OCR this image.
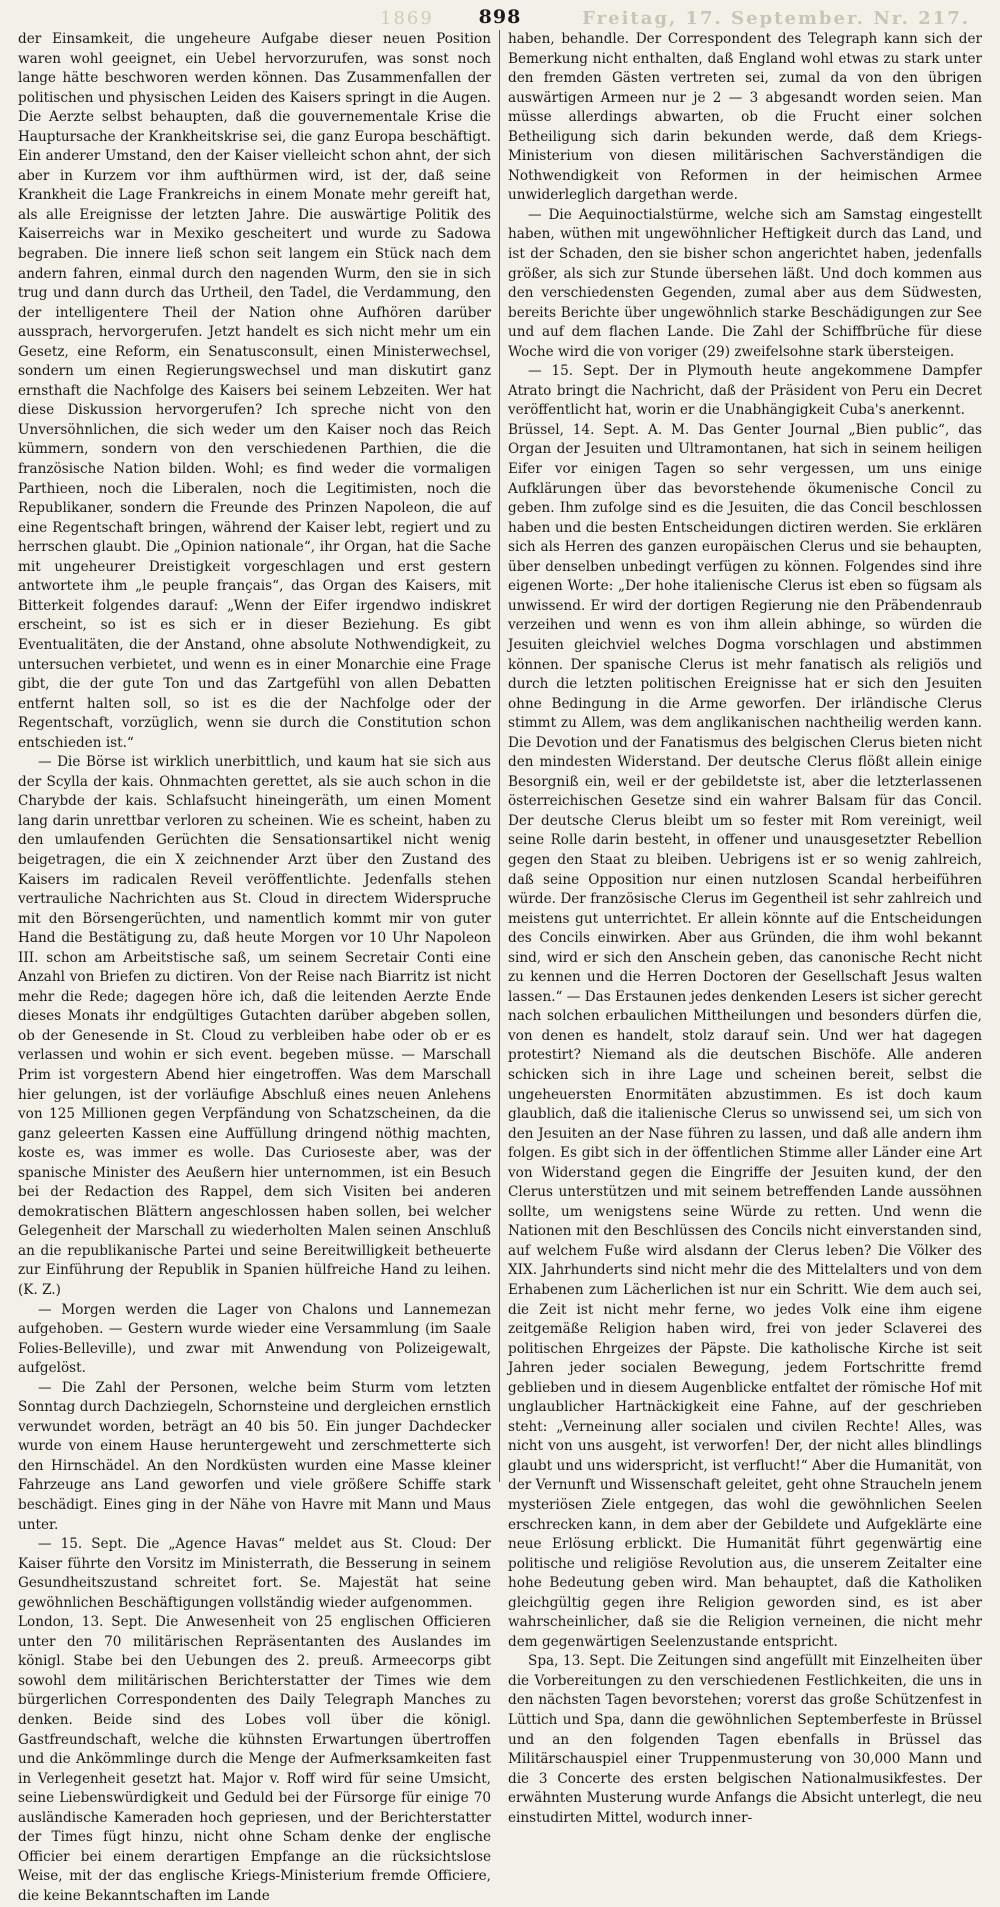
1869 898	Freitag, 17. September. Nr. 217.

der Einsamkeit, die ungeheure Aufgabe dieser neuen Position waren wohl geeignet, ein Uebel hervorzurufen, was sonst noch lange hätte beschworen werden können. Das Zusammenfallen der politischen und physischen Leiden des Kaisers springt in die Augen. Die Aerzte selbst behaupten, daß die gouvernementale Krise die Hauptursache der Krankheitskrise sei, die ganz Europa beschäftigt. Ein anderer Umstand, den der Kaiser vielleicht schon ahnt, der sich aber in Kurzem vor ihm aufthürmen wird, ist der, daß seine Krankheit die Lage Frankreichs in einem Monate mehr gereift hat, als alle Ereignisse der letzten Jahre. Die auswärtige Politik des Kaiserreichs war in Mexiko gescheitert und wurde zu Sadowa begraben. Die innere ließ schon seit langem ein Stück nach dem andern fahren, einmal durch den nagenden Wurm, den sie in sich trug und dann durch das Urtheil, den Tadel, die Verdammung, den der intelligentere Theil der Nation ohne Aufhören darüber aussprach, hervorgerufen. Jetzt handelt es sich nicht mehr um ein Gesetz, eine Reform, ein Senatusconsult, einen Ministerwechsel, sondern um einen Regierungswechsel und man diskutirt ganz ernsthaft die Nachfolge des Kaisers bei seinem Lebzeiten. Wer hat diese Diskussion hervorgerufen? Ich spreche nicht von den Unversöhnlichen, die sich weder um den Kaiser noch das Reich kümmern, sondern von den verschiedenen Parthien, die die französische Nation bilden. Wohl; es find weder die vormaligen Parthieen, noch die Liberalen, noch die Legitimisten, noch die Republikaner, sondern die Freunde des Prinzen Napoleon, die auf eine Regentschaft bringen, während der Kaiser lebt, regiert und zu herrschen glaubt. Die „Opinion nationale“, ihr Organ, hat die Sache mit ungeheurer Dreistigkeit vorgeschlagen und erst gestern antwortete ihm „le peuple français“, das Organ des Kaisers, mit Bitterkeit folgendes darauf: „Wenn der Eifer irgendwo indiskret erscheint, so ist es sich er in dieser Beziehung. Es gibt Eventualitäten, die der Anstand, ohne absolute Nothwendigkeit, zu untersuchen verbietet, und wenn es in einer Monarchie eine Frage gibt, die der gute Ton und das Zartgefühl von allen Debatten entfernt halten soll, so ist es die der Nachfolge oder der Regentschaft, vorzüglich, wenn sie durch die Constitution schon entschieden ist.“

— Die Börse ist wirklich unerbittlich, und kaum hat sie sich aus der Scylla der kais. Ohnmachten gerettet, als sie auch schon in die Charybde der kais. Schlafsucht hineingeräth, um einen Moment lang darin unrettbar verloren zu scheinen. Wie es scheint, haben zu den umlaufenden Gerüchten die Sensationsartikel nicht wenig beigetragen, die ein X zeichnender Arzt über den Zustand des Kaisers im radicalen Reveil veröffentlichte. Jedenfalls stehen vertrauliche Nachrichten aus St. Cloud in directem Widerspruche mit den Börsengerüchten, und namentlich kommt mir von guter Hand die Bestätigung zu, daß heute Morgen vor 10 Uhr Napoleon III. schon am Arbeitstische saß, um seinem Secretair Conti eine Anzahl von Briefen zu dictiren. Von der Reise nach Biarritz ist nicht mehr die Rede; dagegen höre ich, daß die leitenden Aerzte Ende dieses Monats ihr endgültiges Gutachten darüber abgeben sollen, ob der Genesende in St. Cloud zu verbleiben habe oder ob er es verlassen und wohin er sich event. begeben müsse. — Marschall Prim ist vorgestern Abend hier eingetroffen. Was dem Marschall hier gelungen, ist der vorläufige Abschluß eines neuen Anlehens von 125 Millionen gegen Verpfändung von Schatzscheinen, da die ganz geleerten Kassen eine Auffüllung dringend nöthig machten, koste es, was immer es wolle. Das Curioseste aber, was der spanische Minister des Aeußern hier unternommen, ist ein Besuch bei der Redaction des Rappel, dem sich Visiten bei anderen demokratischen Blättern angeschlossen haben sollen, bei welcher Gelegenheit der Marschall zu wiederholten Malen seinen Anschluß an die republikanische Partei und seine Bereitwilligkeit betheuerte zur Einführung der Republik in Spanien hülfreiche Hand zu leihen. (K. Z.)

— Morgen werden die Lager von Chalons und Lannemezan aufgehoben. — Gestern wurde wieder eine Versammlung (im Saale Folies-Belleville), und zwar mit Anwendung von Polizeigewalt, aufgelöst.

— Die Zahl der Personen, welche beim Sturm vom letzten Sonntag durch Dachziegeln, Schornsteine und dergleichen ernstlich verwundet worden, beträgt an 40 bis 50. Ein junger Dachdecker wurde von einem Hause heruntergeweht und zerschmetterte sich den Hirnschädel. An den Nordküsten wurden eine Masse kleiner Fahrzeuge ans Land geworfen und viele größere Schiffe stark beschädigt. Eines ging in der Nähe von Havre mit Mann und Maus unter.

— 15. Sept. Die „Agence Havas“ meldet aus St. Cloud: Der Kaiser führte den Vorsitz im Ministerrath, die Besserung in seinem Gesundheitszustand schreitet fort. Se. Majestät hat seine gewöhnlichen Beschäftigungen vollständig wieder aufgenommen.

London, 13. Sept. Die Anwesenheit von 25 englischen Officieren unter den 70 militärischen Repräsentanten des Auslandes im königl. Stabe bei den Uebungen des 2. preuß. Armeecorps gibt sowohl dem militärischen Berichterstatter der Times wie dem bürgerlichen Correspondenten des Daily Telegraph Manches zu denken. Beide sind des Lobes voll über die königl. Gastfreundschaft, welche die kühnsten Erwartungen übertroffen und die Ankömmlinge durch die Menge der Aufmerksamkeiten fast in Verlegenheit gesetzt hat. Major v. Roff wird für seine Umsicht, seine Liebenswürdigkeit und Geduld bei der Fürsorge für einige 70 ausländische Kameraden hoch gepriesen, und der Berichterstatter der Times fügt hinzu, nicht ohne Scham denke der englische Officier bei einem derartigen Empfange an die rücksichtslose Weise, mit der das englische Kriegs-Ministerium fremde Officiere, die keine Bekanntschaften im Lande

haben, behandle. Der Correspondent des Telegraph kann sich der Bemerkung nicht enthalten, daß England wohl etwas zu stark unter den fremden Gästen vertreten sei, zumal da von den übrigen auswärtigen Armeen nur je 2 — 3 abgesandt worden seien. Man müsse allerdings abwarten, ob die Frucht einer solchen Betheiligung sich darin bekunden werde, daß dem Kriegs-Ministerium von diesen militärischen Sachverständigen die Nothwendigkeit von Reformen in der heimischen Armee unwiderleglich dargethan werde.

— Die Aequinoctialstürme, welche sich am Samstag eingestellt haben, wüthen mit ungewöhnlicher Heftigkeit durch das Land, und ist der Schaden, den sie bisher schon angerichtet haben, jedenfalls größer, als sich zur Stunde übersehen läßt. Und doch kommen aus den verschiedensten Gegenden, zumal aber aus dem Südwesten, bereits Berichte über ungewöhnlich starke Beschädigungen zur See und auf dem flachen Lande. Die Zahl der Schiffbrüche für diese Woche wird die von voriger (29) zweifelsohne stark übersteigen.

— 15. Sept. Der in Plymouth heute angekommene Dampfer Atrato bringt die Nachricht, daß der Präsident von Peru ein Decret veröffentlicht hat, worin er die Unabhängigkeit Cuba's anerkennt.

Brüssel, 14. Sept. A. M. Das Genter Journal „Bien public“, das Organ der Jesuiten und Ultramontanen, hat sich in seinem heiligen Eifer vor einigen Tagen so sehr vergessen, um uns einige Aufklärungen über das bevorstehende ökumenische Concil zu geben. Ihm zufolge sind es die Jesuiten, die das Concil beschlossen haben und die besten Entscheidungen dictiren werden. Sie erklären sich als Herren des ganzen europäischen Clerus und sie behaupten, über denselben unbedingt verfügen zu können. Folgendes sind ihre eigenen Worte: „Der hohe italienische Clerus ist eben so fügsam als unwissend. Er wird der dortigen Regierung nie den Präbendenraub verzeihen und wenn es von ihm allein abhinge, so würden die Jesuiten gleichviel welches Dogma vorschlagen und abstimmen können. Der spanische Clerus ist mehr fanatisch als religiös und durch die letzten politischen Ereignisse hat er sich den Jesuiten ohne Bedingung in die Arme geworfen. Der irländische Clerus stimmt zu Allem, was dem anglikanischen nachtheilig werden kann. Die Devotion und der Fanatismus des belgischen Clerus bieten nicht den mindesten Widerstand. Der deutsche Clerus flößt allein einige Besorgniß ein, weil er der gebildetste ist, aber die letzterlassenen österreichischen Gesetze sind ein wahrer Balsam für das Concil. Der deutsche Clerus bleibt um so fester mit Rom vereinigt, weil seine Rolle darin besteht, in offener und unausgesetzter Rebellion gegen den Staat zu bleiben. Uebrigens ist er so wenig zahlreich, daß seine Opposition nur einen nutzlosen Scandal herbeiführen würde. Der französische Clerus im Gegentheil ist sehr zahlreich und meistens gut unterrichtet. Er allein könnte auf die Entscheidungen des Concils einwirken. Aber aus Gründen, die ihm wohl bekannt sind, wird er sich den Anschein geben, das canonische Recht nicht zu kennen und die Herren Doctoren der Gesellschaft Jesus walten lassen.“ — Das Erstaunen jedes denkenden Lesers ist sicher gerecht nach solchen erbaulichen Mittheilungen und besonders dürfen die, von denen es handelt, stolz darauf sein. Und wer hat dagegen protestirt? Niemand als die deutschen Bischöfe. Alle anderen schicken sich in ihre Lage und scheinen bereit, selbst die ungeheuersten Enormitäten abzustimmen. Es ist doch kaum glaublich, daß die italienische Clerus so unwissend sei, um sich von den Jesuiten an der Nase führen zu lassen, und daß alle andern ihm folgen. Es gibt sich in der öffentlichen Stimme aller Länder eine Art von Widerstand gegen die Eingriffe der Jesuiten kund, der den Clerus unterstützen und mit seinem betreffenden Lande aussöhnen sollte, um wenigstens seine Würde zu retten. Und wenn die Nationen mit den Beschlüssen des Concils nicht einverstanden sind, auf welchem Fuße wird alsdann der Clerus leben? Die Völker des XIX. Jahrhunderts sind nicht mehr die des Mittelalters und von dem Erhabenen zum Lächerlichen ist nur ein Schritt. Wie dem auch sei, die Zeit ist nicht mehr ferne, wo jedes Volk eine ihm eigene zeitgemäße Religion haben wird, frei von jeder Sclaverei des politischen Ehrgeizes der Päpste. Die katholische Kirche ist seit Jahren jeder socialen Bewegung, jedem Fortschritte fremd geblieben und in diesem Augenblicke entfaltet der römische Hof mit unglaublicher Hartnäckigkeit eine Fahne, auf der geschrieben steht: „Verneinung aller socialen und civilen Rechte! Alles, was nicht von uns ausgeht, ist verworfen! Der, der nicht alles blindlings glaubt und uns widerspricht, ist verflucht!“ Aber die Humanität, von der Vernunft und Wissenschaft geleitet, geht ohne Straucheln jenem mysteriösen Ziele entgegen, das wohl die gewöhnlichen Seelen erschrecken kann, in dem aber der Gebildete und Aufgeklärte eine neue Erlösung erblickt. Die Humanität führt gegenwärtig eine politische und religiöse Revolution aus, die unserem Zeitalter eine hohe Bedeutung geben wird. Man behauptet, daß die Katholiken gleichgültig gegen ihre Religion geworden sind, es ist aber wahrscheinlicher, daß sie die Religion verneinen, die nicht mehr dem gegenwärtigen Seelenzustande entspricht.

Spa, 13. Sept. Die Zeitungen sind angefüllt mit Einzelheiten über die Vorbereitungen zu den verschiedenen Festlichkeiten, die uns in den nächsten Tagen bevorstehen; vorerst das große Schützenfest in Lüttich und Spa, dann die gewöhnlichen Septemberfeste in Brüssel und an den folgenden Tagen ebenfalls in Brüssel das Militärschauspiel einer Truppenmusterung von 30,000 Mann und die 3 Concerte des ersten belgischen Nationalmusikfestes. Der erwähnten Musterung wurde Anfangs die Absicht unterlegt, die neu einstudirten Mittel, wodurch inner-
